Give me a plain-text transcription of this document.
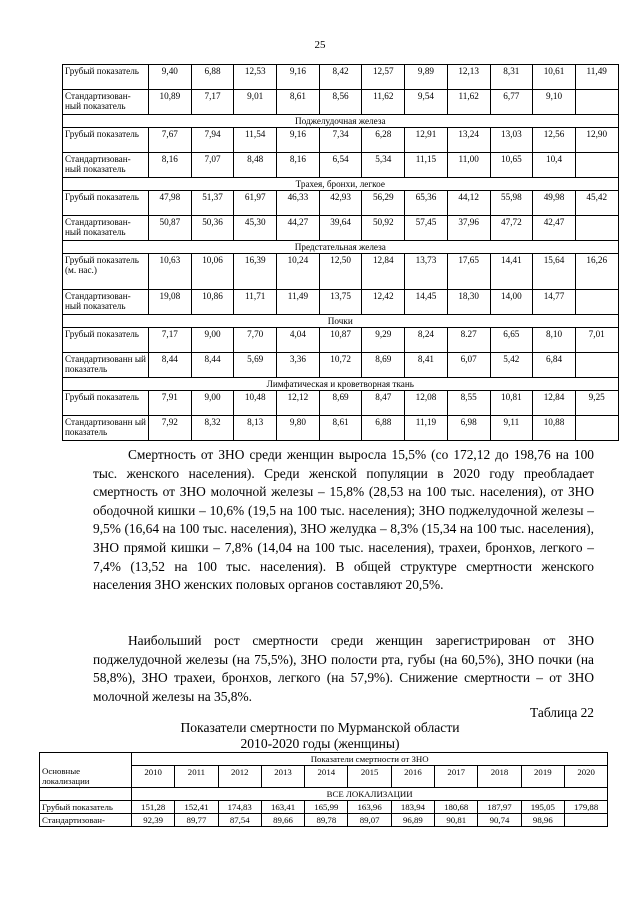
25
Грубый показатель	9,40	6,88	12,53	9,16	8,42	12,57	9,89	12,13	8,31	10,61	11,49
Стандартизован-ный показатель	10,89	7,17	9,01	8,61	8,56	11,62	9,54	11,62	6,77	9,10	
Поджелудочная железа											
Грубый показатель	7,67	7,94	11,54	9,16	7,34	6,28	12,91	13,24	13,03	12,56	12,90
Стандартизован-ный показатель	8,16	7,07	8,48	8,16	6,54	5,34	11,15	11,00	10,65	10,4	
Трахея, бронхи, легкое											
Грубый показатель	47,98	51,37	61,97	46,33	42,93	56,29	65,36	44,12	55,98	49,98	45,42
Стандартизован-ный показатель	50,87	50,36	45,30	44,27	39,64	50,92	57,45	37,96	47,72	42,47	
Предстательная железа											
Грубый показатель (м. нас.)	10,63	10,06	16,39	10,24	12,50	12,84	13,73	17,65	14,41	15,64	16,26
Стандартизован-ный показатель	19,08	10,86	11,71	11,49	13,75	12,42	14,45	18,30	14,00	14,77	
Почки											
Грубый показатель	7,17	9,00	7,70	4,04	10,87	9,29	8,24	8.27	6,65	8,10	7,01
Стандартизованн ый показатель	8,44	8,44	5,69	3,36	10,72	8,69	8,41	6,07	5,42	6,84	
Лимфатическая и кроветворная ткань											
Грубый показатель	7,91	9,00	10,48	12,12	8,69	8,47	12,08	8,55	10,81	12,84	9,25
Стандартизованн ый показатель	7,92	8,32	8,13	9,80	8,61	6,88	11,19	6,98	9,11	10,88	

Смертность от ЗНО среди женщин выросла 15,5% (со 172,12 до 198,76 на 100 тыс. женского населения). Среди женской популяции в 2020 году преобладает смертность от ЗНО молочной железы – 15,8% (28,53 на 100 тыс. населения), от ЗНО ободочной кишки – 10,6% (19,5 на 100 тыс. населения); ЗНО поджелудочной железы – 9,5% (16,64 на 100 тыс. населения), ЗНО желудка – 8,3% (15,34 на 100 тыс. населения), ЗНО прямой кишки – 7,8% (14,04 на 100 тыс. населения), трахеи, бронхов, легкого – 7,4% (13,52 на 100 тыс. населения). В общей структуре смертности женского населения ЗНО женских половых органов составляют 20,5%.

Наибольший рост смертности среди женщин зарегистрирован от ЗНО поджелудочной железы (на 75,5%), ЗНО полости рта, губы (на 60,5%), ЗНО почки (на 58,8%), ЗНО трахеи, бронхов, легкого (на 57,9%). Снижение смертности – от ЗНО молочной железы на 35,8%.

Таблица 22
Показатели смертности по Мурманской области
2010-2020 годы (женщины)
Основные локализации	Показатели смертности от ЗНО										
	2010	2011	2012	2013	2014	2015	2016	2017	2018	2019	2020
	ВСЕ ЛОКАЛИЗАЦИИ										
Грубый показатель	151,28	152,41	174,83	163,41	165,99	163,96	183,94	180,68	187,97	195,05	179,88
Стандартизован-	92,39	89,77	87,54	89,66	89,78	89,07	96,89	90,81	90,74	98,96	
